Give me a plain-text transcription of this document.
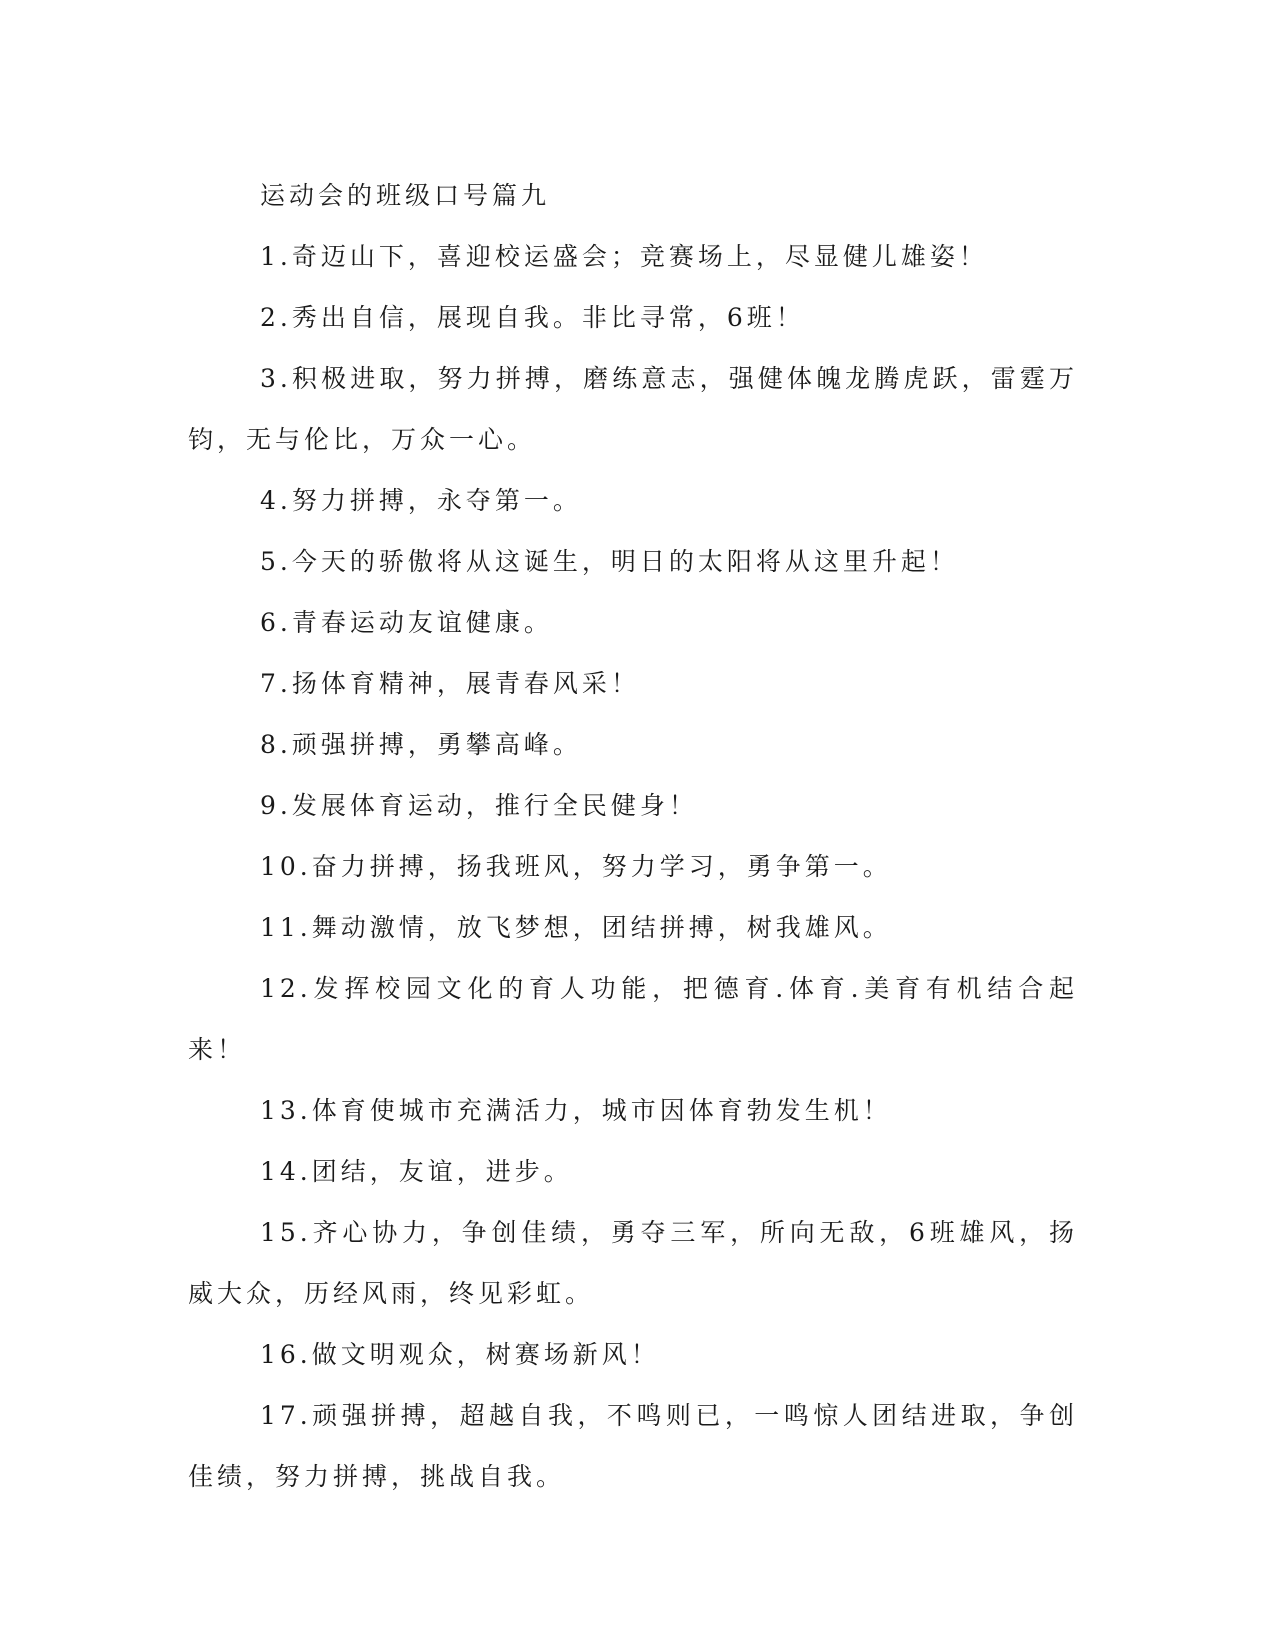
运动会的班级口号篇九

1.奇迈山下，喜迎校运盛会；竞赛场上，尽显健儿雄姿！

2.秀出自信，展现自我。非比寻常，6班！

3.积极进取，努力拼搏，磨练意志，强健体魄龙腾虎跃，雷霆万钧，无与伦比，万众一心。

4.努力拼搏，永夺第一。

5.今天的骄傲将从这诞生，明日的太阳将从这里升起！

6.青春运动友谊健康。

7.扬体育精神，展青春风采！

8.顽强拼搏，勇攀高峰。

9.发展体育运动，推行全民健身！

10.奋力拼搏，扬我班风，努力学习，勇争第一。

11.舞动激情，放飞梦想，团结拼搏，树我雄风。

12.发挥校园文化的育人功能，把德育.体育.美育有机结合起来！

13.体育使城市充满活力，城市因体育勃发生机！

14.团结，友谊，进步。

15.齐心协力，争创佳绩，勇夺三军，所向无敌，6班雄风，扬威大众，历经风雨，终见彩虹。

16.做文明观众，树赛场新风！

17.顽强拼搏，超越自我，不鸣则已，一鸣惊人团结进取，争创佳绩，努力拼搏，挑战自我。
